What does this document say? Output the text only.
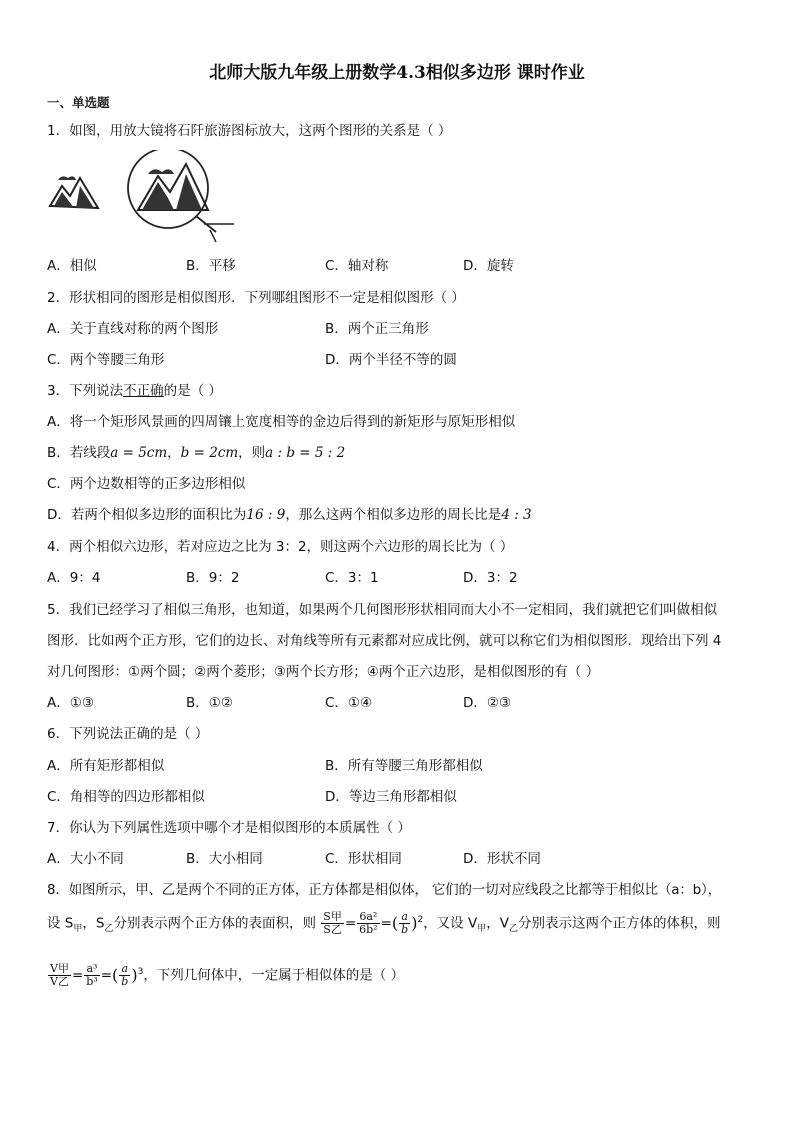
北师大版九年级上册数学4.3相似多边形 课时作业
一、单选题
1．如图，用放大镜将石阡旅游图标放大，这两个图形的关系是（ ）
A．相似	B．平移	C．轴对称	D．旋转
2．形状相同的图形是相似图形．下列哪组图形不一定是相似图形（ ）
A．关于直线对称的两个图形	B．两个正三角形
C．两个等腰三角形	D．两个半径不等的圆
3．下列说法不正确的是（ ）
A．将一个矩形风景画的四周镶上宽度相等的金边后得到的新矩形与原矩形相似
B．若线段a = 5cm，b = 2cm，则a : b = 5 : 2
C．两个边数相等的正多边形相似
D．若两个相似多边形的面积比为16 : 9，那么这两个相似多边形的周长比是4 : 3
4．两个相似六边形，若对应边之比为 3：2，则这两个六边形的周长比为（ ）
A．9：4	B．9：2	C．3：1	D．3：2
5．我们已经学习了相似三角形，也知道，如果两个几何图形形状相同而大小不一定相同，我们就把它们叫做相似
图形．比如两个正方形，它们的边长、对角线等所有元素都对应成比例，就可以称它们为相似图形．现给出下列 4
对几何图形：①两个圆；②两个菱形；③两个长方形；④两个正六边形，是相似图形的有（ ）
A．①③	B．①②	C．①④	D．②③
6．下列说法正确的是（ ）
A．所有矩形都相似	B．所有等腰三角形都相似
C．角相等的四边形都相似	D．等边三角形都相似
7．你认为下列属性选项中哪个才是相似图形的本质属性（ ）
A．大小不同	B．大小相同	C．形状相同	D．形状不同
8．如图所示，甲、乙是两个不同的正方体，正方体都是相似体， 它们的一切对应线段之比都等于相似比（a：b），
设 $S_甲$，$S_乙$分别表示两个正方体的表面积，则 $\frac{\text{S甲}}{\text{S乙}} = \frac{\text{6a²}}{\text{6b²}}$ =( $\frac{a}{b} )^2$，又设 $V_甲$，$V_乙$分别表示这两个正方体的体积，则
$\frac{\text{V甲}}{\text{V乙}} = \frac{\text{a³}}{\text{b³}}$ =( $\frac{a}{b} )^3$，下列几何体中，一定属于相似体的是（ ）
